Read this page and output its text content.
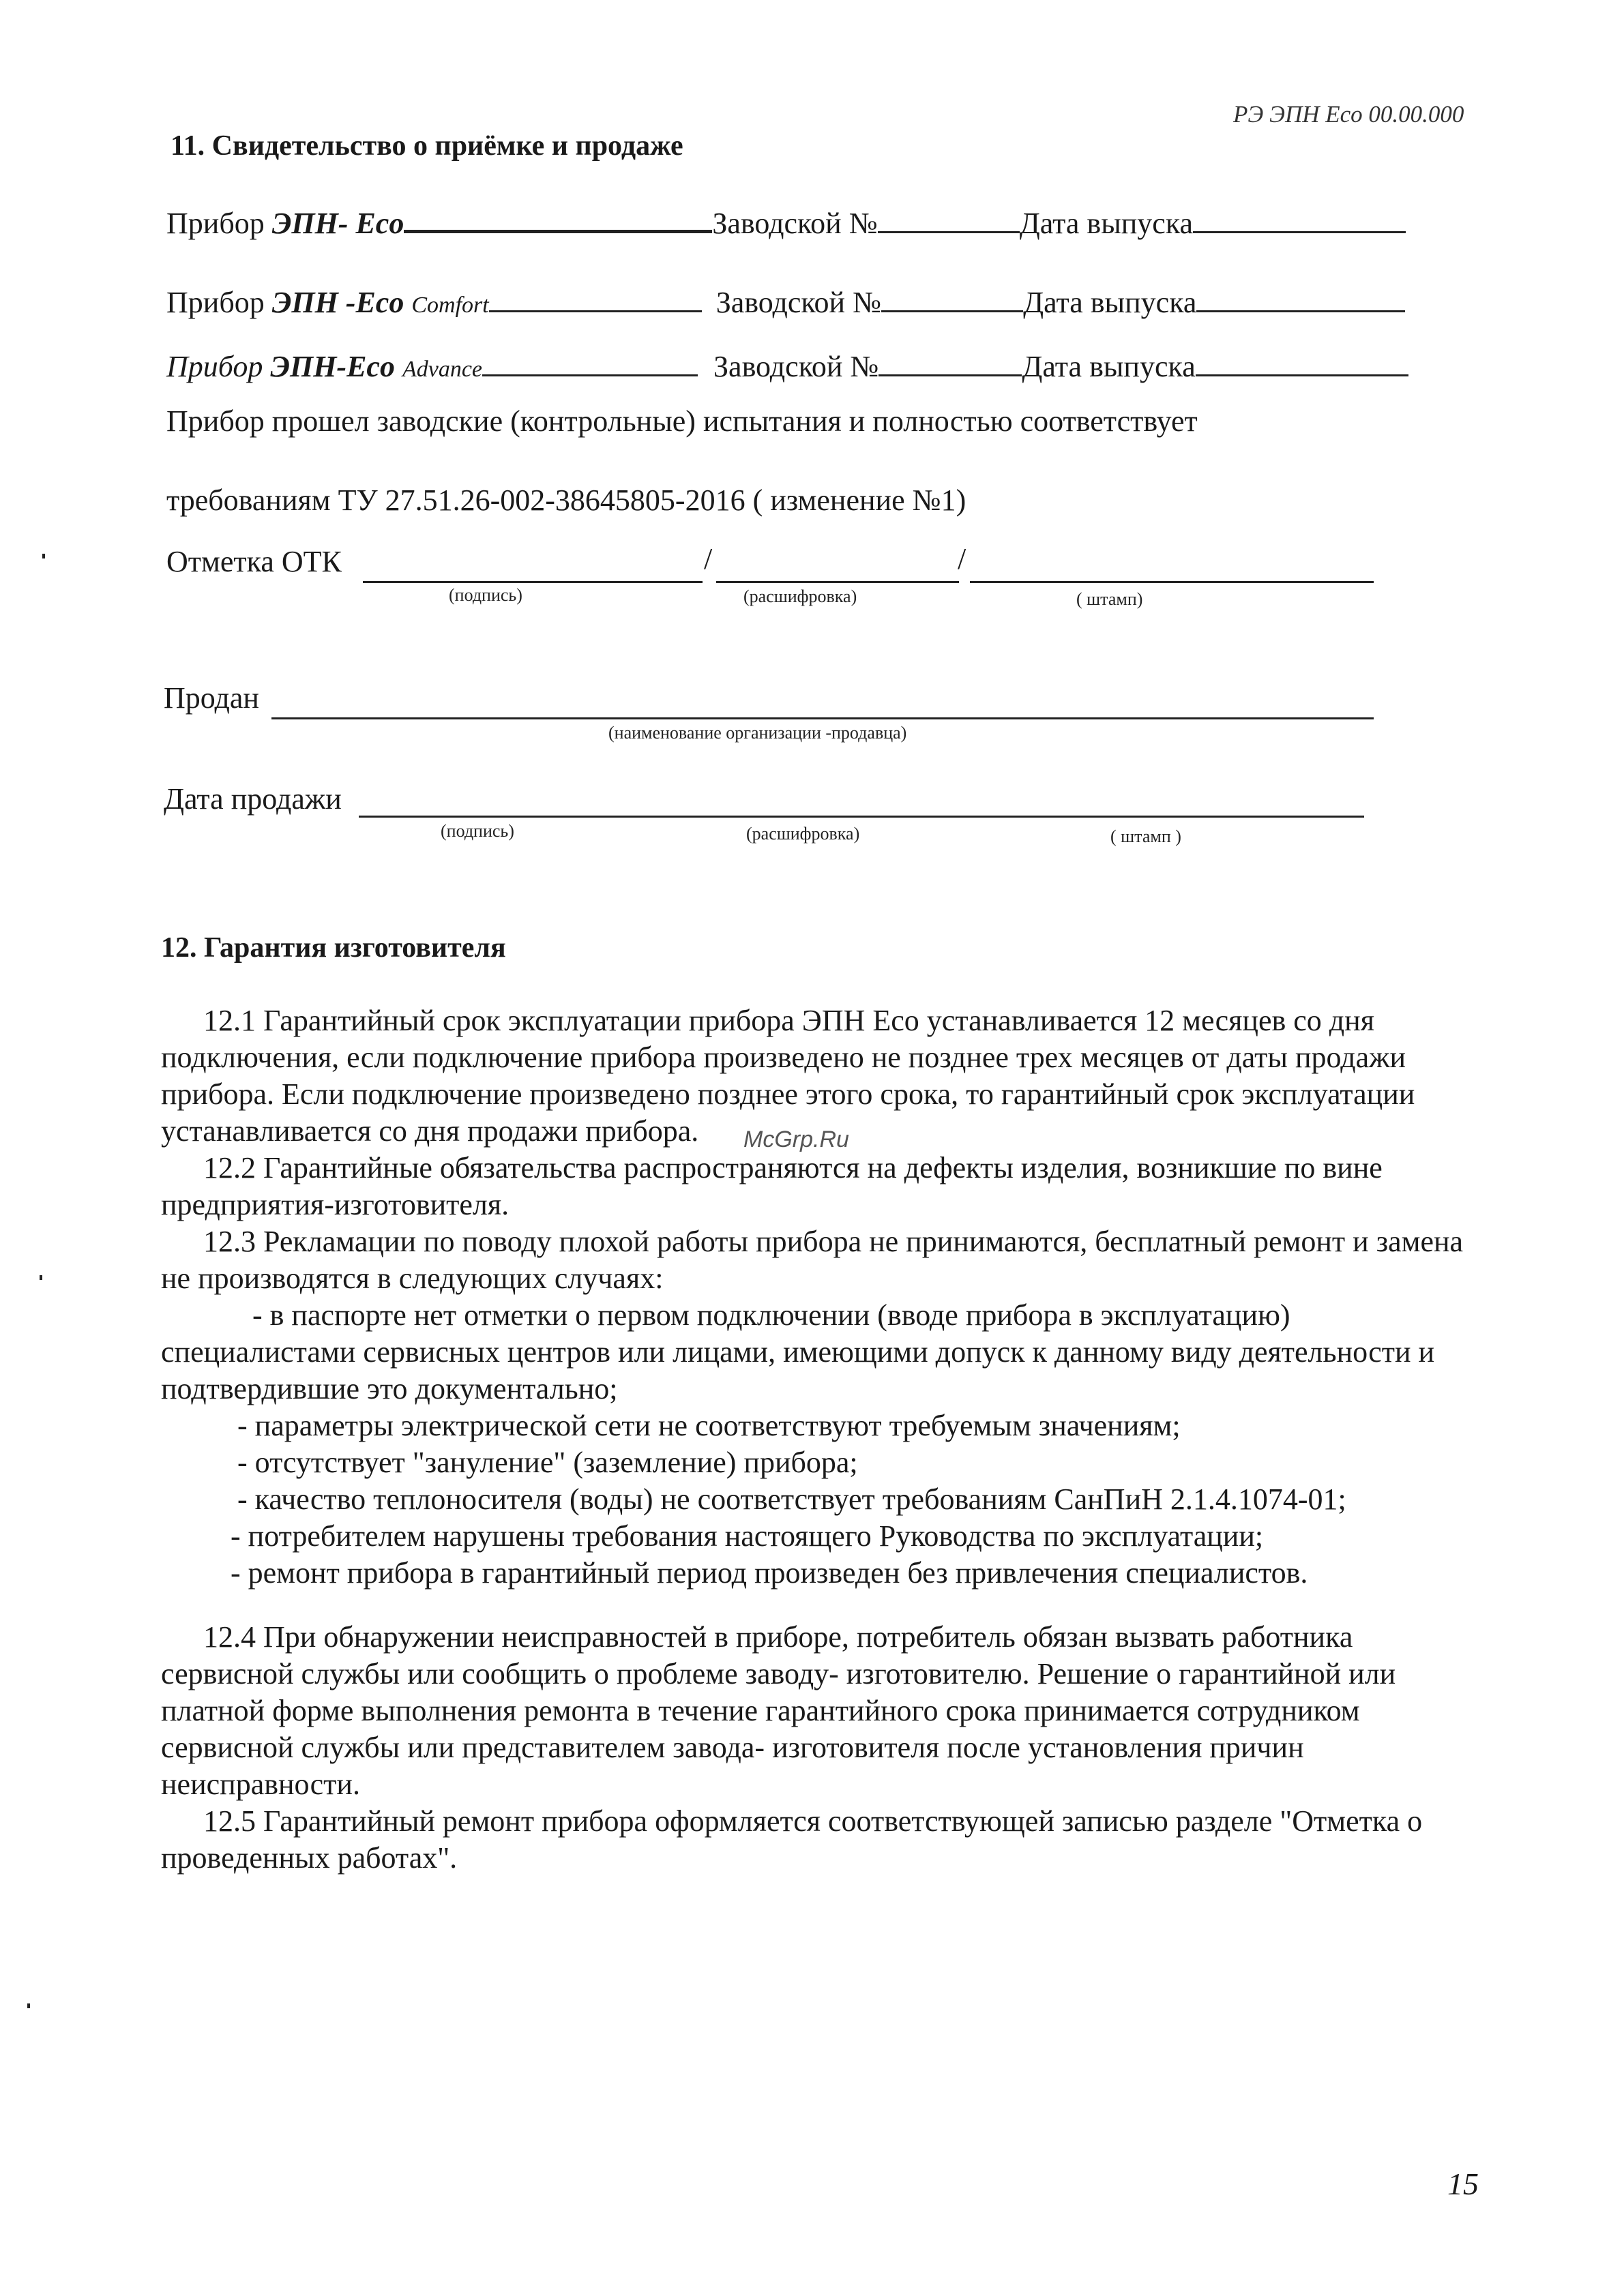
РЭ ЭПН Eco 00.00.000
11. Свидетельство о приёмке и продаже
Прибор ЭПН- Eco	Заводской №	Дата выпуска
Прибор ЭПН -Eco Comfort	Заводской №	Дата выпуска
Прибор ЭПН-Eco Advance	Заводской №	Дата выпуска
Прибор прошел заводские (контрольные) испытания и полностью соответствует
требованиям ТУ 27.51.26-002-38645805-2016 ( изменение №1)
Отметка ОТК	/	/
(подпись)	(расшифровка)	( штамп)
Продан
(наименование организации -продавца)
Дата продажи
(подпись)	(расшифровка)	( штамп )
12. Гарантия изготовителя

12.1 Гарантийный срок эксплуатации прибора ЭПН Eco устанавливается 12 месяцев со дня подключения, если подключение прибора произведено не позднее трех месяцев от даты продажи прибора. Если подключение произведено позднее этого срока, то гарантийный срок эксплуатации устанавливается со дня продажи прибора.

12.2 Гарантийные обязательства распространяются на дефекты изделия, возникшие по вине предприятия-изготовителя.

12.3 Рекламации по поводу плохой работы прибора не принимаются, бесплатный ремонт и замена не производятся в следующих случаях:

- в паспорте нет отметки о первом подключении (вводе прибора в эксплуатацию)

специалистами сервисных центров или лицами, имеющими допуск к данному виду деятельности и подтвердившие это документально;

- параметры электрической сети не соответствуют требуемым значениям;

- отсутствует "зануление" (заземление) прибора;

- качество теплоносителя (воды) не соответствует требованиям СанПиН 2.1.4.1074-01;

- потребителем нарушены требования настоящего Руководства по эксплуатации;

- ремонт прибора в гарантийный период произведен без привлечения специалистов.

12.4 При обнаружении неисправностей в приборе, потребитель обязан вызвать работника сервисной службы или сообщить о проблеме заводу- изготовителю. Решение о гарантийной или платной форме выполнения ремонта в течение гарантийного срока принимается сотрудником сервисной службы или представителем завода- изготовителя после установления причин неисправности.

12.5 Гарантийный ремонт прибора оформляется соответствующей записью разделе "Отметка о проведенных работах".

McGrp.Ru
15
